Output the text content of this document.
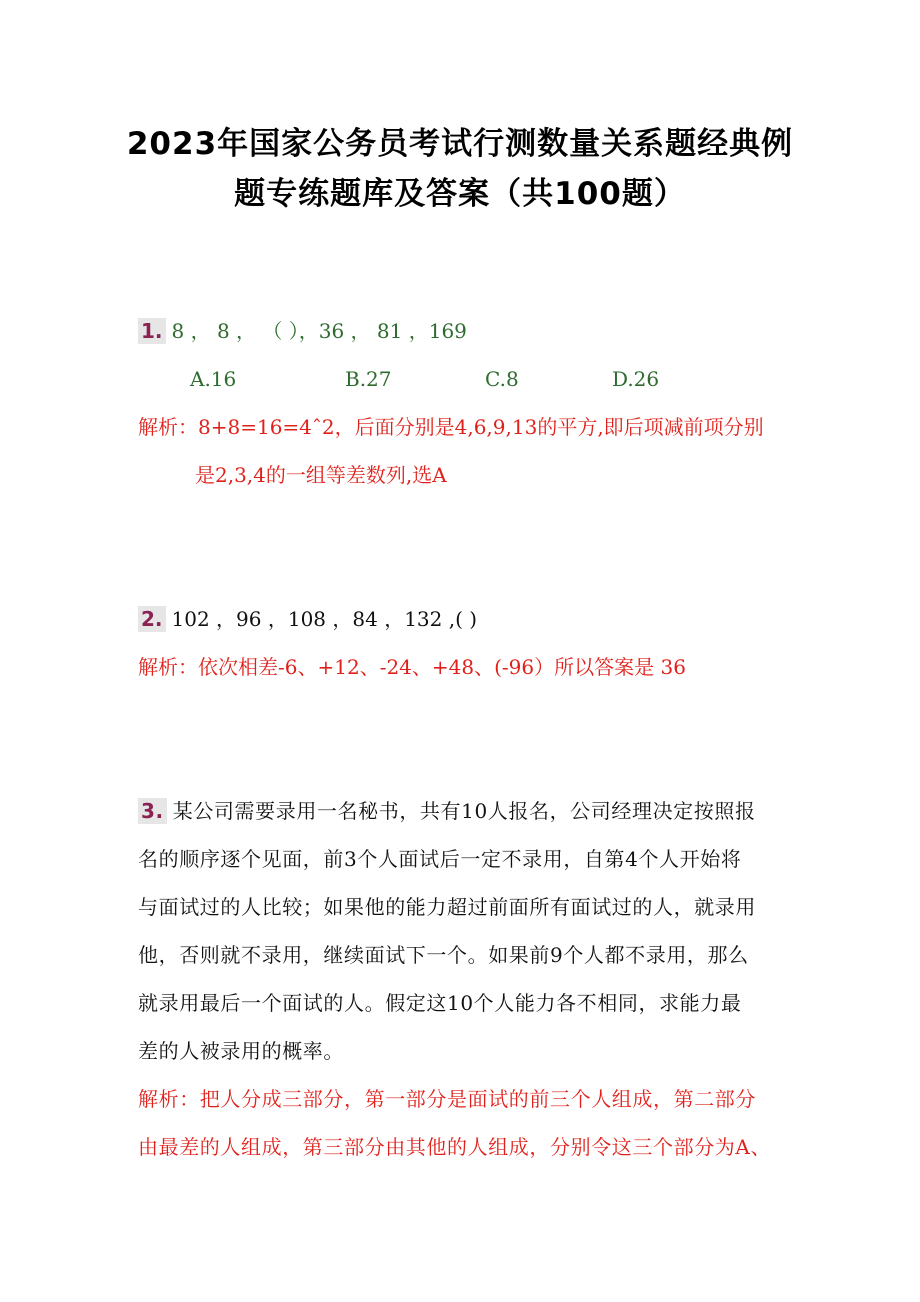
2023年国家公务员考试行测数量关系题经典例
题专练题库及答案（共100题）
1. 8 ， 8 ， （ ），36 ， 81 ，169
A.16	B.27	C.8	D.26
解析：8+8=16=4ˆ2，后面分别是4,6,9,13的平方,即后项减前项分别
是2,3,4的一组等差数列,选A
2. 102 ，96 ，108 ，84 ，132 ,( )
解析：依次相差-6、+12、-24、+48、(-96）所以答案是 36
3. 某公司需要录用一名秘书，共有10人报名，公司经理决定按照报
名的顺序逐个见面，前3个人面试后一定不录用，自第4个人开始将
与面试过的人比较；如果他的能力超过前面所有面试过的人，就录用
他，否则就不录用，继续面试下一个。如果前9个人都不录用，那么
就录用最后一个面试的人。假定这10个人能力各不相同，求能力最
差的人被录用的概率。
解析：把人分成三部分，第一部分是面试的前三个人组成，第二部分
由最差的人组成，第三部分由其他的人组成，分别令这三个部分为A、
